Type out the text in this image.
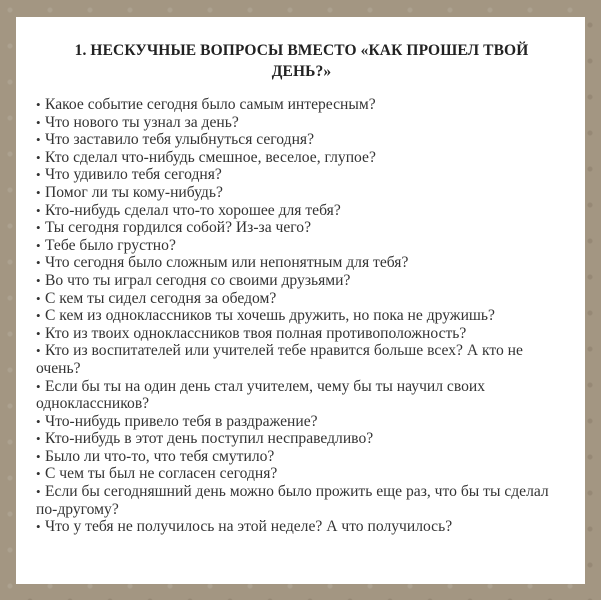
1. НЕСКУЧНЫЕ ВОПРОСЫ ВМЕСТО «КАК ПРОШЕЛ ТВОЙ ДЕНЬ?»
• Какое событие сегодня было самым интересным?
• Что нового ты узнал за день?
• Что заставило тебя улыбнуться сегодня?
• Кто сделал что-нибудь смешное, веселое, глупое?
• Что удивило тебя сегодня?
• Помог ли ты кому-нибудь?
• Кто-нибудь сделал что-то хорошее для тебя?
• Ты сегодня гордился собой? Из-за чего?
• Тебе было грустно?
• Что сегодня было сложным или непонятным для тебя?
• Во что ты играл сегодня со своими друзьями?
• С кем ты сидел сегодня за обедом?
• С кем из одноклассников ты хочешь дружить, но пока не дружишь?
• Кто из твоих одноклассников твоя полная противоположность?
• Кто из воспитателей или учителей тебе нравится больше всех? А кто не очень?
• Если бы ты на один день стал учителем, чему бы ты научил своих одноклассников?
• Что-нибудь привело тебя в раздражение?
• Кто-нибудь в этот день поступил несправедливо?
• Было ли что-то, что тебя смутило?
• С чем ты был не согласен сегодня?
• Если бы сегодняшний день можно было прожить еще раз, что бы ты сделал по-другому?
• Что у тебя не получилось на этой неделе? А что получилось?
